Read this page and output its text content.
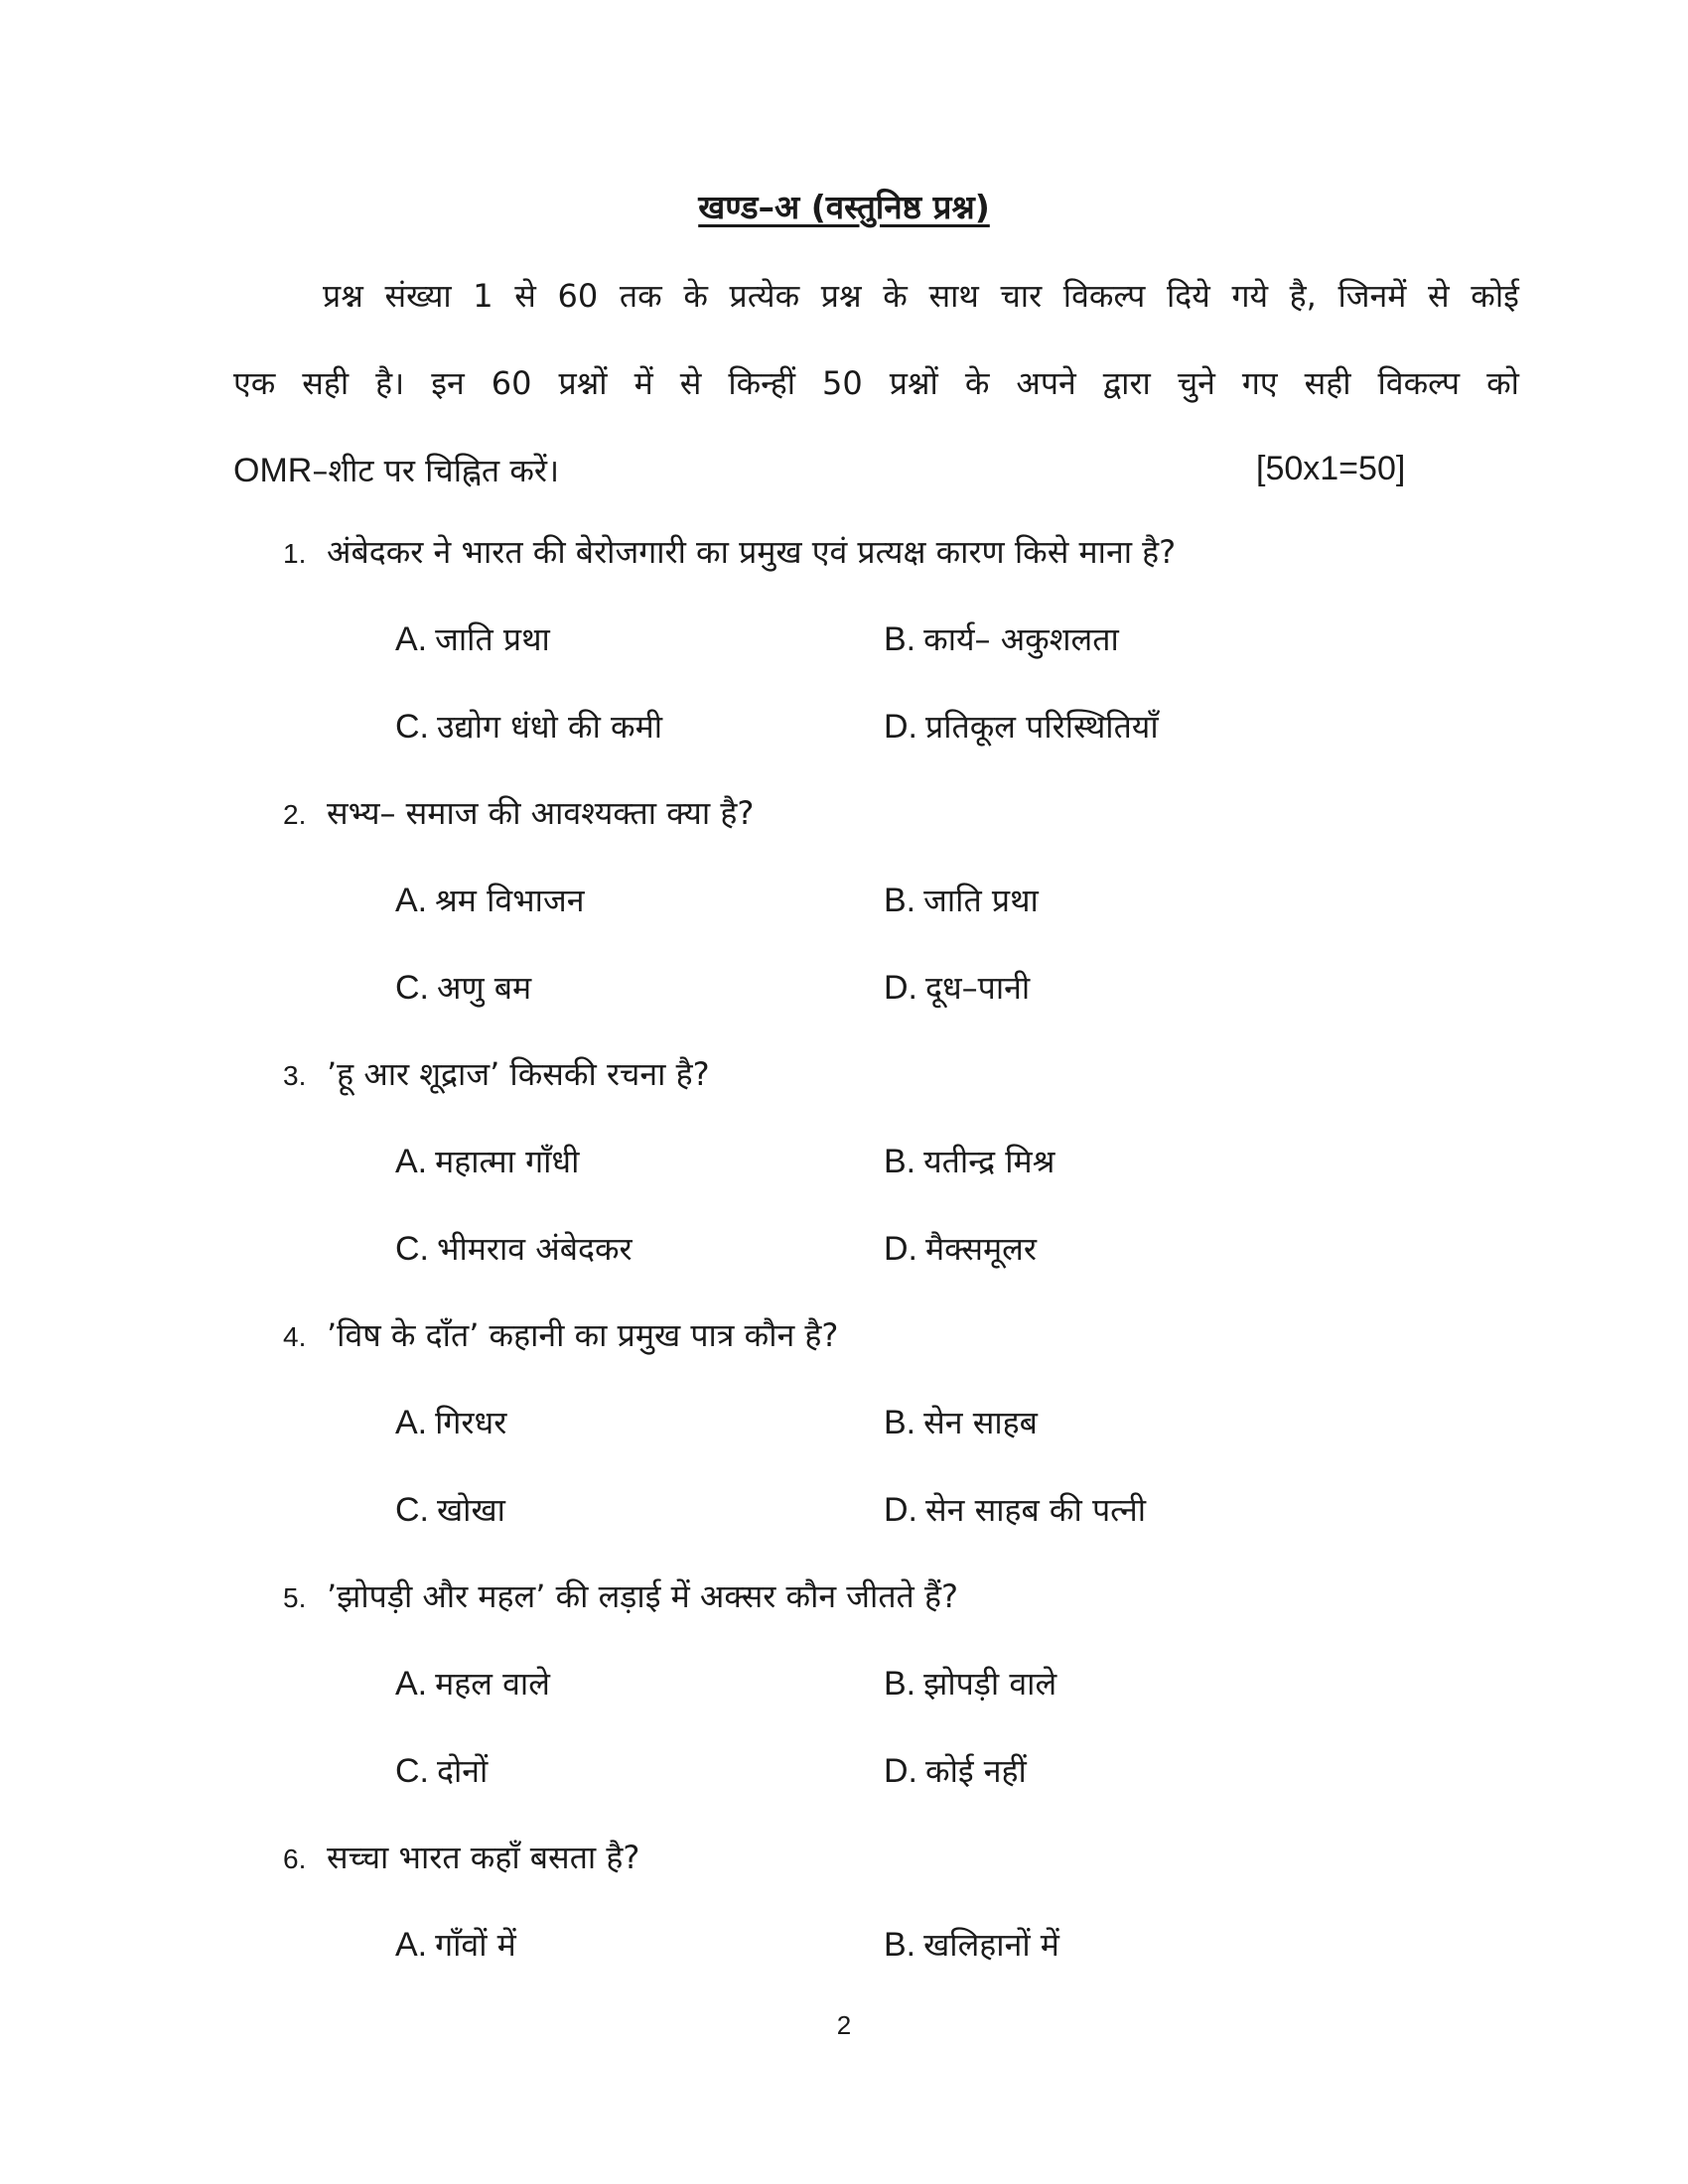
खण्ड–अ (वस्तुनिष्ठ प्रश्न)
प्रश्न संख्या 1 से 60 तक के प्रत्येक प्रश्न के साथ चार विकल्प दिये गये है, जिनमें से कोई
एक सही है। इन 60 प्रश्नों में से किन्हीं 50 प्रश्नों के अपने द्वारा चुने गए सही विकल्प को
OMR–शीट पर चिह्नित करें।	[50x1=50]
1. अंबेदकर ने भारत की बेरोजगारी का प्रमुख एवं प्रत्यक्ष कारण किसे माना है?
A. जाति प्रथा	B. कार्य– अकुशलता
C. उद्योग धंधो की कमी	D. प्रतिकूल परिस्थितियाँ
2. सभ्य– समाज की आवश्यक्ता क्या है?
A. श्रम विभाजन	B. जाति प्रथा
C. अणु बम	D. दूध–पानी
3. ’हू आर शूद्राज’ किसकी रचना है?
A. महात्मा गाँधी	B. यतीन्द्र मिश्र
C. भीमराव अंबेदकर	D. मैक्समूलर
4. ’विष के दाँत’ कहानी का प्रमुख पात्र कौन है?
A. गिरधर	B. सेन साहब
C. खोखा	D. सेन साहब की पत्नी
5. ’झोपड़ी और महल’ की लड़ाई में अक्सर कौन जीतते हैं?
A. महल वाले	B. झोपड़ी वाले
C. दोनों	D. कोई नहीं
6. सच्चा भारत कहाँ बसता है?
A. गाँवों में	B. खलिहानों में
2
